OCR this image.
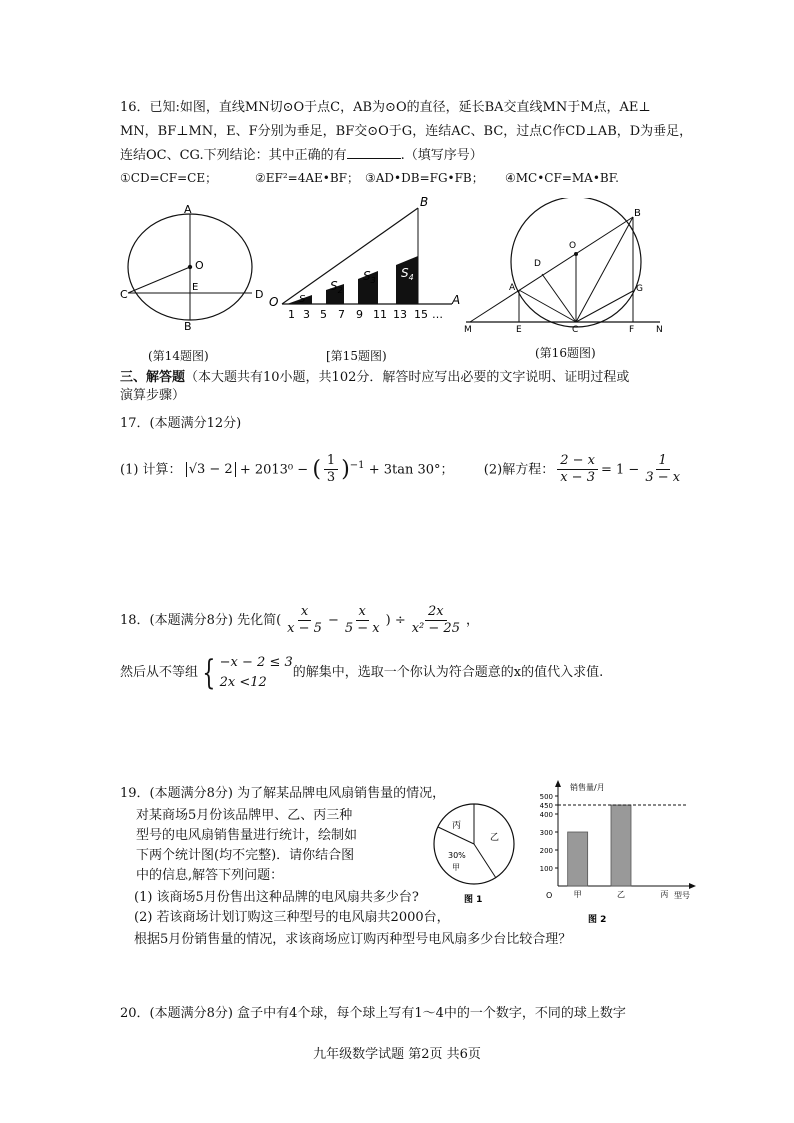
16．已知:如图，直线MN切⊙O于点C，AB为⊙O的直径，延长BA交直线MN于M点，AE⊥
MN，BF⊥MN，E、F分别为垂足，BF交⊙O于G，连结AC、BC，过点C作CD⊥AB，D为垂足，
连结OC、CG.下列结论：其中正确的有	.（填写序号）
①CD=CF=CE；	②EF²=4AE•BF； ③AD•DB=FG•FB； ④MC•CF=MA•BF.
A
B
C	D
O
E
(第14题图)
O	A
B
S
$S_2$
$S_3$
$S_4$
1 3 5 7 9 11 13 15 …
[第15题图)
B
O
D
A	G
M	E	C	F N
(第16题图)
三、解答题（本大题共有10小题，共102分．解答时应写出必要的文字说明、证明过程或
演算步骤）
17．(本题满分12分)
(1) 计算： √3 − 2 + 2013⁰ − ( $\frac{1}{3} )^{-1} + 3\tan$ 30°； (2)解方程： $\frac{2 - x}{x - 3} = 1 - \frac{1}{3 - x}$
18．(本题满分8分) 先化简( $\frac{x}{x - 5} - \frac{x}{5 - x}$ ) ÷ $\frac{2x}{\text{x² − 25}}$ ，
然后从不等组 { −x − 2 ≤ 3
2x <12
的解集中，选取一个你认为符合题意的x的值代入求值.
19．(本题满分8分) 为了解某品牌电风扇销售量的情况，
对某商场5月份该品牌甲、乙、丙三种
型号的电风扇销售量进行统计，绘制如
下两个统计图(均不完整)．请你结合图
中的信息,解答下列问题：
(1) 该商场5月份售出这种品牌的电风扇共多少台?
(2) 若该商场计划订购这三种型号的电风扇共2000台，
根据5月份销售量的情况，求该商场应订购丙种型号电风扇多少台比较合理？
丙
乙
30%
甲
图 1
销售量/月
型号
O
100
200
300
400
450
500
甲	乙	丙
图 2
20．(本题满分8分) 盒子中有4个球，每个球上写有1～4中的一个数字，不同的球上数字
九年级数学试题 第2页 共6页
